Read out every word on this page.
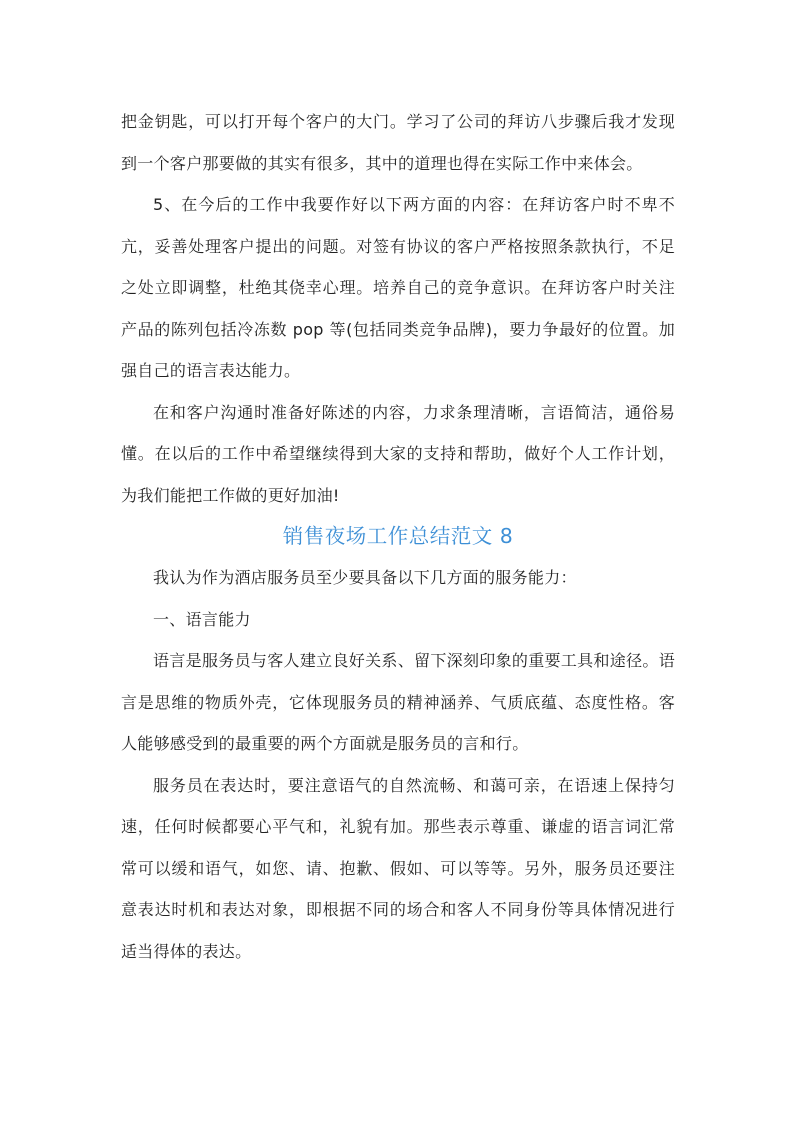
把金钥匙，可以打开每个客户的大门。学习了公司的拜访八步骤后我才发现到一个客户那要做的其实有很多，其中的道理也得在实际工作中来体会。

5、在今后的工作中我要作好以下两方面的内容：在拜访客户时不卑不亢，妥善处理客户提出的问题。对签有协议的客户严格按照条款执行，不足之处立即调整，杜绝其侥幸心理。培养自己的竞争意识。在拜访客户时关注产品的陈列包括冷冻数 pop 等(包括同类竞争品牌)，要力争最好的位置。加强自己的语言表达能力。

在和客户沟通时准备好陈述的内容，力求条理清晰，言语简洁，通俗易懂。在以后的工作中希望继续得到大家的支持和帮助，做好个人工作计划，为我们能把工作做的更好加油!

销售夜场工作总结范文 8

我认为作为酒店服务员至少要具备以下几方面的服务能力：

一、语言能力

语言是服务员与客人建立良好关系、留下深刻印象的重要工具和途径。语言是思维的物质外壳，它体现服务员的精神涵养、气质底蕴、态度性格。客人能够感受到的最重要的两个方面就是服务员的言和行。

服务员在表达时，要注意语气的自然流畅、和蔼可亲，在语速上保持匀速，任何时候都要心平气和，礼貌有加。那些表示尊重、谦虚的语言词汇常常可以缓和语气，如您、请、抱歉、假如、可以等等。另外，服务员还要注意表达时机和表达对象，即根据不同的场合和客人不同身份等具体情况进行适当得体的表达。
